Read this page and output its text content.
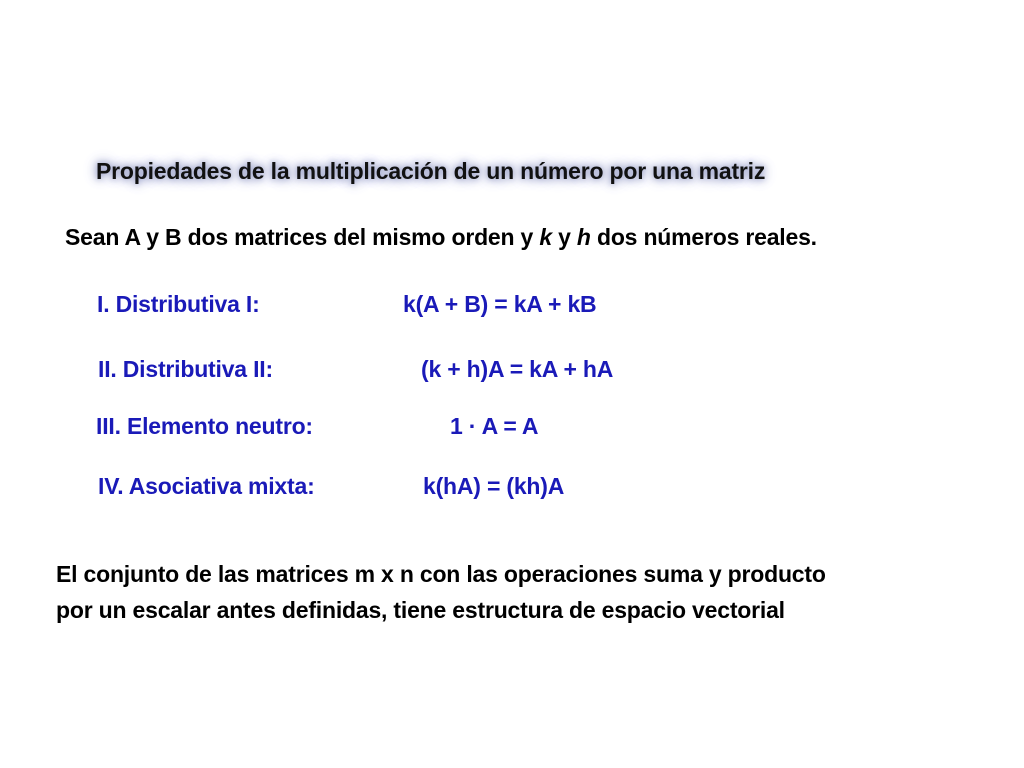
Propiedades de la multiplicación de un número por una matriz
Sean A y B dos matrices del mismo orden y k y h dos números reales.
I. Distributiva I:	k(A + B) = kA + kB
II. Distributiva II:	(k + h)A = kA + hA
III. Elemento neutro:	1 · A = A
IV. Asociativa mixta:	k(hA) = (kh)A
El conjunto de las matrices m x n con las operaciones suma y producto
por un escalar antes definidas, tiene estructura de espacio vectorial
